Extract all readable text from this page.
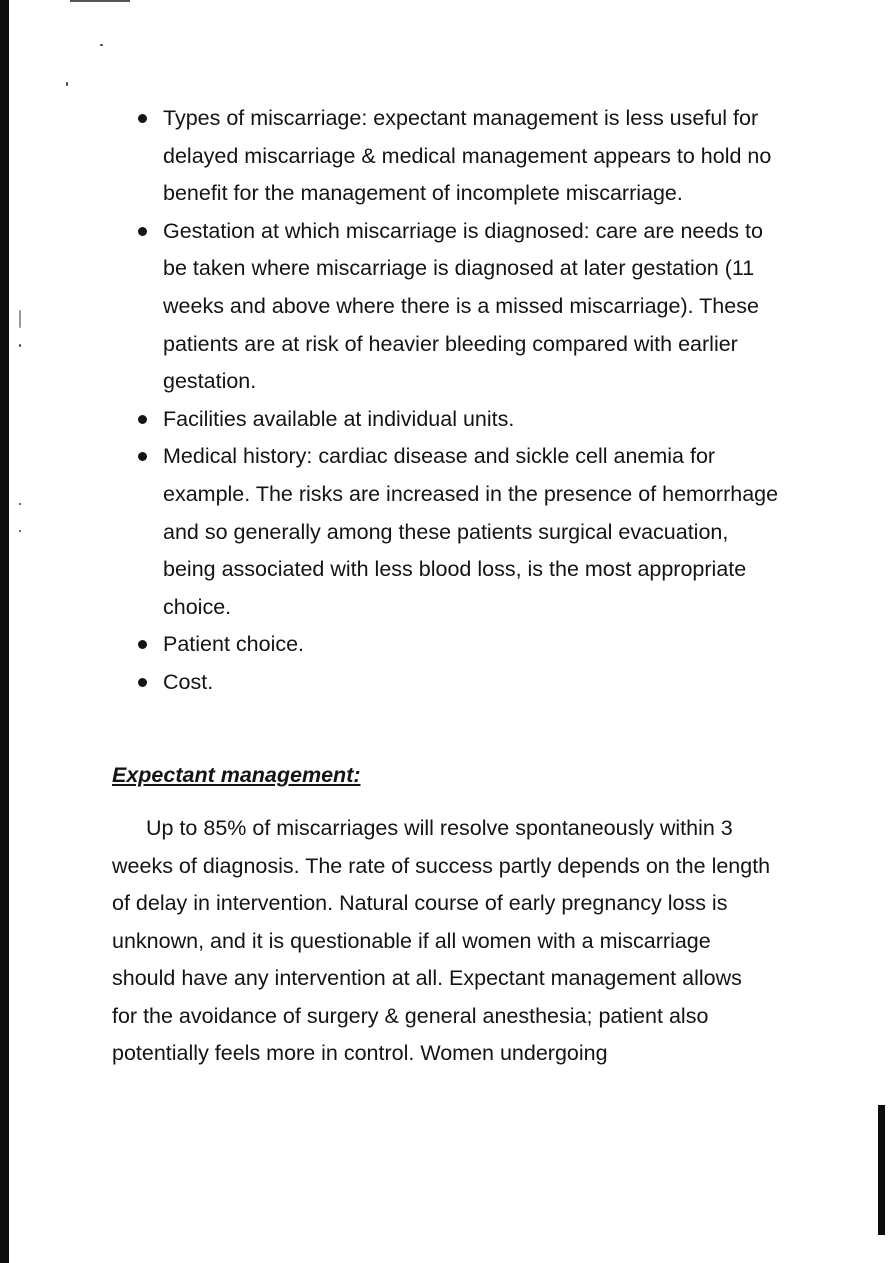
Types of miscarriage: expectant management is less useful for delayed miscarriage & medical management appears to hold no benefit for the management of incomplete miscarriage.
Gestation at which miscarriage is diagnosed: care are needs to be taken where miscarriage is diagnosed at later gestation (11 weeks and above where there is a missed miscarriage). These patients are at risk of heavier bleeding compared with earlier gestation.
Facilities available at individual units.
Medical history: cardiac disease and sickle cell anemia for example. The risks are increased in the presence of hemorrhage and so generally among these patients surgical evacuation, being associated with less blood loss, is the most appropriate choice.
Patient choice.
Cost.
Expectant management:

Up to 85% of miscarriages will resolve spontaneously within 3 weeks of diagnosis. The rate of success partly depends on the length of delay in intervention. Natural course of early pregnancy loss is unknown, and it is questionable if all women with a miscarriage should have any intervention at all. Expectant management allows for the avoidance of surgery & general anesthesia; patient also potentially feels more in control. Women undergoing
